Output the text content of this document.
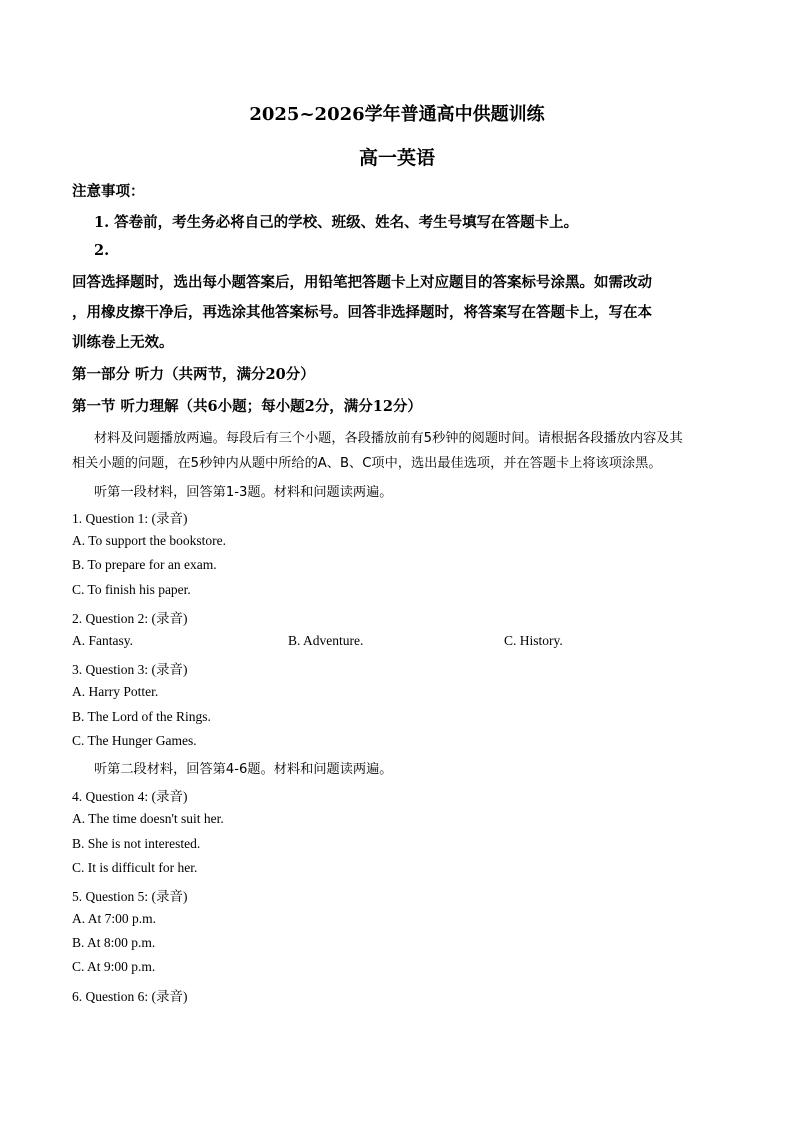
2025~2026学年普通高中供题训练
高一英语
注意事项：
1. 答卷前，考生务必将自己的学校、班级、姓名、考生号填写在答题卡上。
2.
回答选择题时，选出每小题答案后，用铅笔把答题卡上对应题目的答案标号涂黑。如需改动
，用橡皮擦干净后，再选涂其他答案标号。回答非选择题时，将答案写在答题卡上，写在本
训练卷上无效。
第一部分 听力（共两节，满分20分）
第一节 听力理解（共6小题；每小题2分，满分12分）
材料及问题播放两遍。每段后有三个小题，各段播放前有5秒钟的阅题时间。请根据各段播放内容及其
相关小题的问题，在5秒钟内从题中所给的A、B、C项中，选出最佳选项，并在答题卡上将该项涂黑。
听第一段材料，回答第1-3题。材料和问题读两遍。
1. Question 1: (录音)
A. To support the bookstore.
B. To prepare for an exam.
C. To finish his paper.
2. Question 2: (录音)
A. Fantasy.	B. Adventure.	C. History.
3. Question 3: (录音)
A. Harry Potter.
B. The Lord of the Rings.
C. The Hunger Games.
听第二段材料，回答第4-6题。材料和问题读两遍。
4. Question 4: (录音)
A. The time doesn't suit her.
B. She is not interested.
C. It is difficult for her.
5. Question 5: (录音)
A. At 7:00 p.m.
B. At 8:00 p.m.
C. At 9:00 p.m.
6. Question 6: (录音)
